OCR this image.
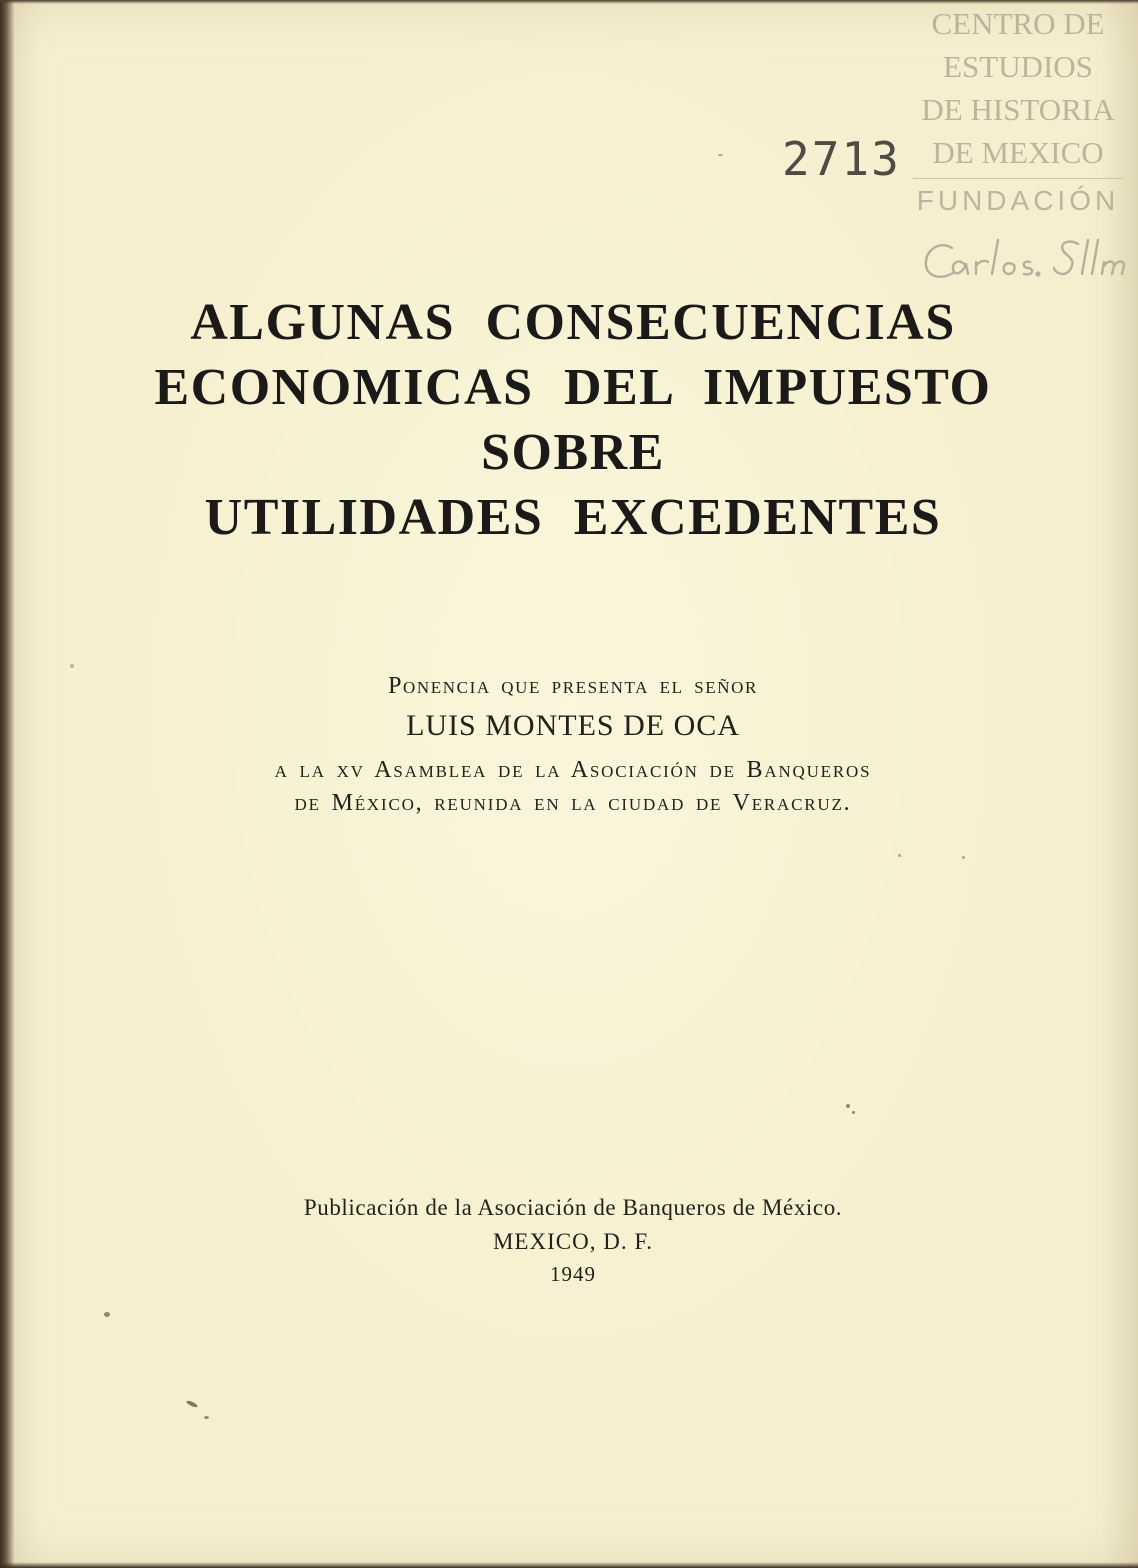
2713
CENTRO DE
ESTUDIOS
DE HISTORIA
DE MEXICO
FUNDACIÓN
ALGUNAS CONSECUENCIAS
ECONOMICAS DEL IMPUESTO
SOBRE
UTILIDADES EXCEDENTES
Ponencia que presenta el señor
LUIS MONTES DE OCA
a la xv Asamblea de la Asociación de Banqueros
de México, reunida en la ciudad de Veracruz.
Publicación de la Asociación de Banqueros de México.
MEXICO, D. F.
1949
